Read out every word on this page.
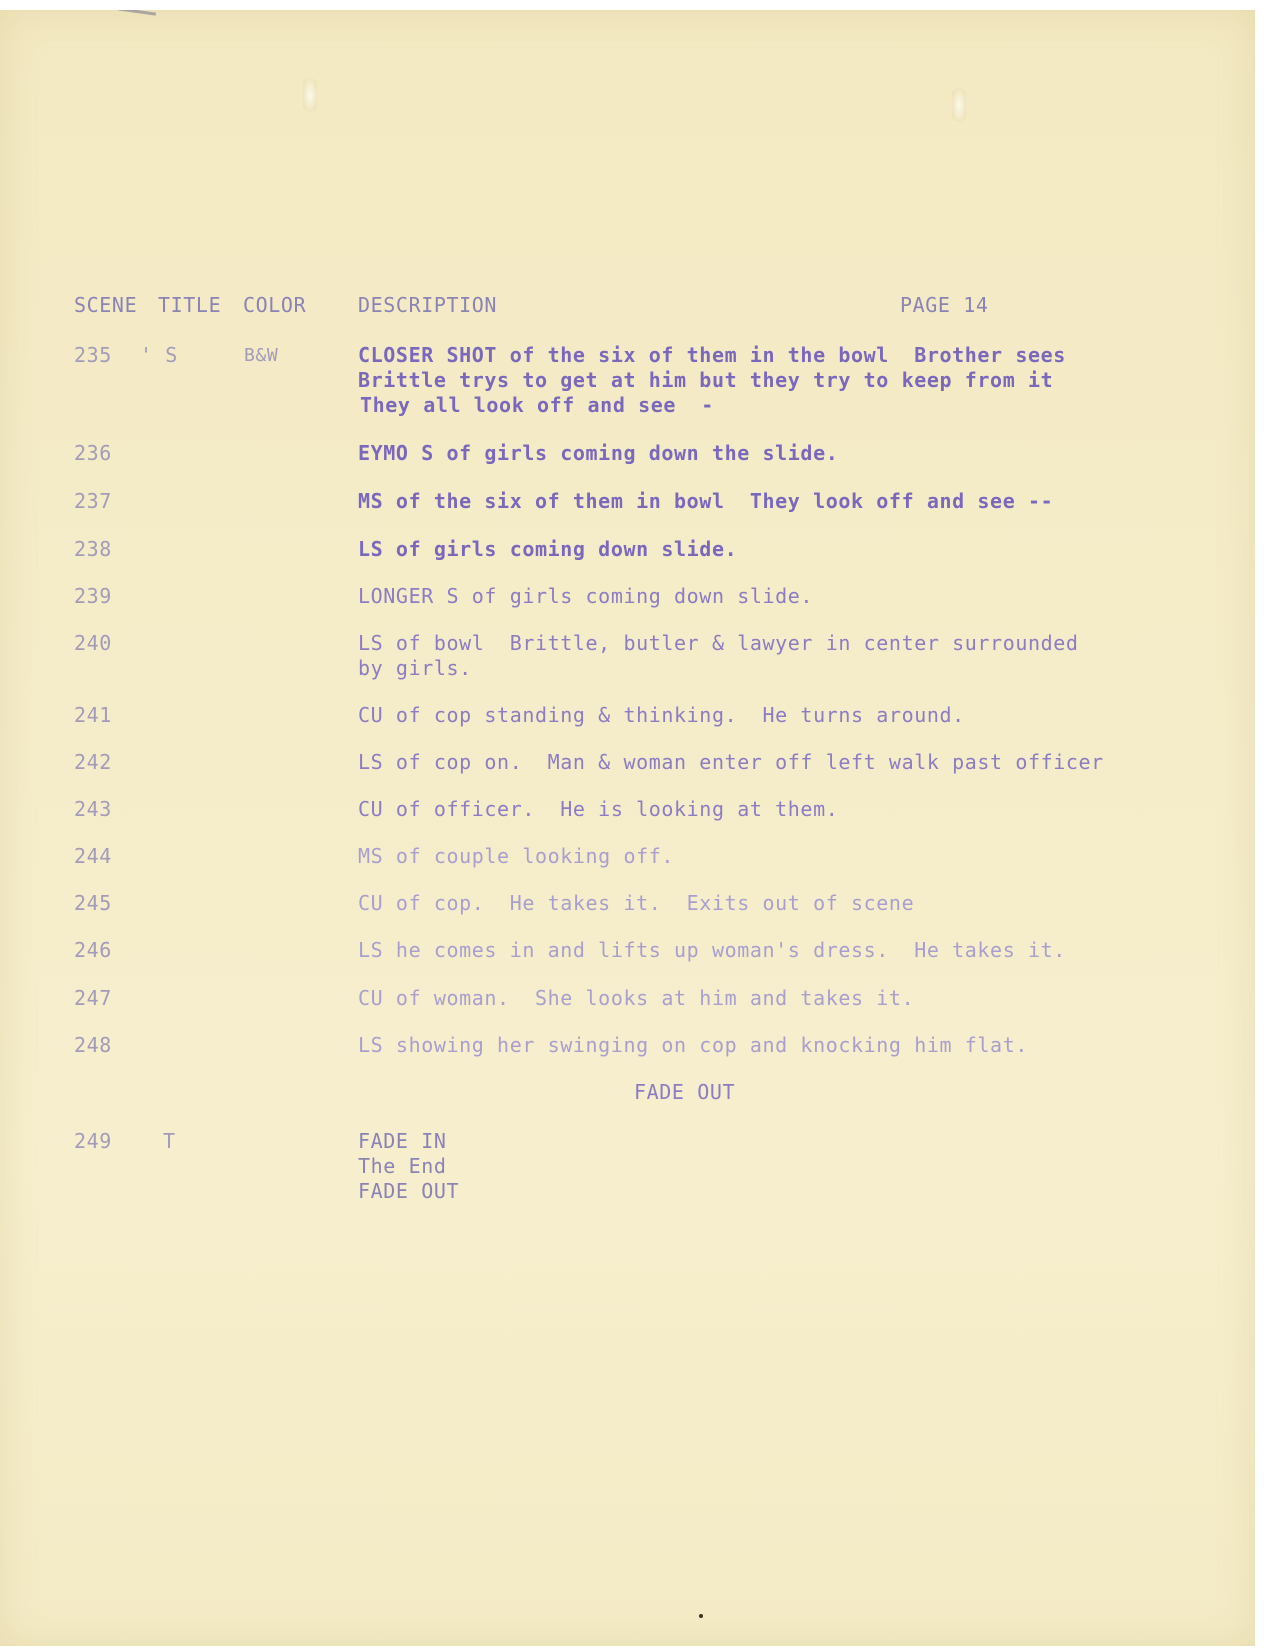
SCENE TITLE COLOR	DESCRIPTION	PAGE 14
235 ' S	B&W	CLOSER SHOT of the six of them in the bowl  Brother sees
Brittle trys to get at him but they try to keep from it
They all look off and see  -
236	EYMO S of girls coming down the slide.
237	MS of the six of them in bowl  They look off and see --
238	LS of girls coming down slide.
239	LONGER S of girls coming down slide.
240	LS of bowl  Brittle, butler & lawyer in center surrounded
by girls.
241	CU of cop standing & thinking.  He turns around.
242	LS of cop on.  Man & woman enter off left walk past officer
243	CU of officer.  He is looking at them.
244	MS of couple looking off.
245	CU of cop.  He takes it.  Exits out of scene
246	LS he comes in and lifts up woman's dress.  He takes it.
247	CU of woman.  She looks at him and takes it.
248	LS showing her swinging on cop and knocking him flat.
FADE OUT
249	T	FADE IN
The End
FADE OUT
